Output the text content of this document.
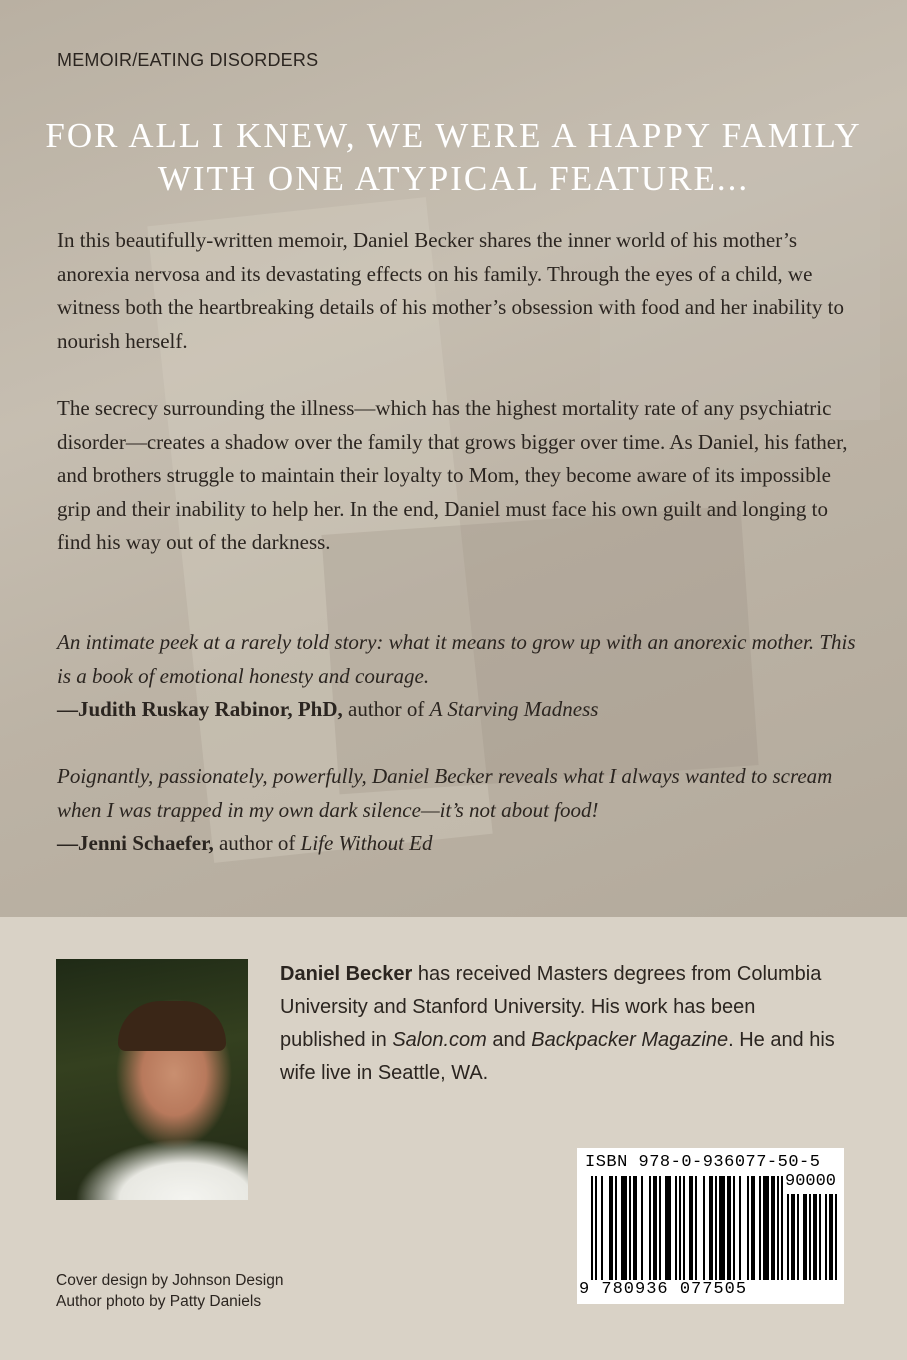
MEMOIR/EATING DISORDERS
FOR ALL I KNEW, WE WERE A HAPPY FAMILY
WITH ONE ATYPICAL FEATURE...

In this beautifully-written memoir, Daniel Becker shares the inner world of his mother’s anorexia nervosa and its devastating effects on his family. Through the eyes of a child, we witness both the heartbreaking details of his mother’s obsession with food and her inability to nourish herself.

The secrecy surrounding the illness—which has the highest mortality rate of any psychiatric disorder—creates a shadow over the family that grows bigger over time. As Daniel, his father, and brothers struggle to maintain their loyalty to Mom, they become aware of its impossible grip and their inability to help her. In the end, Daniel must face his own guilt and longing to find his way out of the darkness.

An intimate peek at a rarely told story: what it means to grow up with an anorexic mother. This is a book of emotional honesty and courage.
—Judith Ruskay Rabinor, PhD, author of A Starving Madness
Poignantly, passionately, powerfully, Daniel Becker reveals what I always wanted to scream when I was trapped in my own dark silence—it’s not about food!
—Jenni Schaefer, author of Life Without Ed
Daniel Becker has received Masters degrees from Columbia University and Stanford University. His work has been published in Salon.com and Backpacker Magazine. He and his wife live in Seattle, WA.
ISBN 978-0-936077-50-5
90000
9 780936 077505
Cover design by Johnson Design
Author photo by Patty Daniels
